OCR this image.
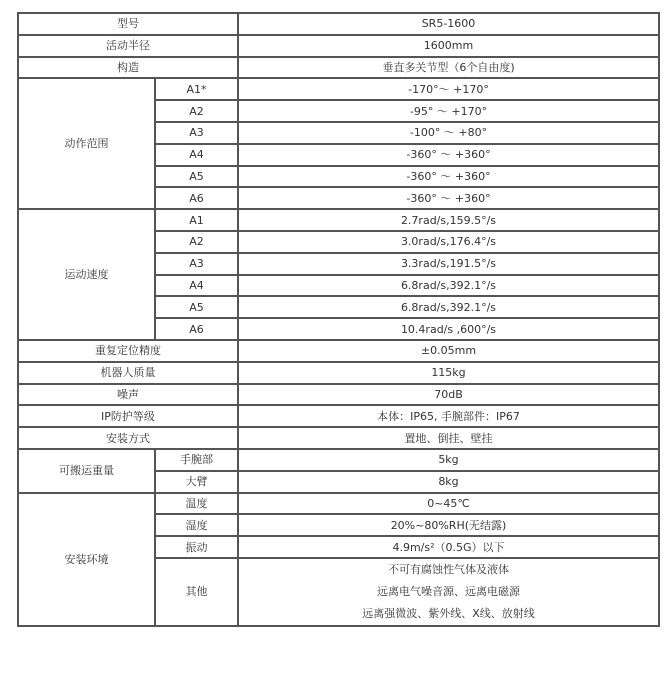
型号		SR5-1600
活动半径		1600mm
构造		垂直多关节型（6个自由度)
动作范围	A1*	-170°～ +170°
	A2	-95° ～ +170°
	A3	-100° ～ +80°
	A4	-360° ～ +360°
	A5	-360° ～ +360°
	A6	-360° ～ +360°
运动速度	A1	2.7rad/s,159.5°/s
	A2	3.0rad/s,176.4°/s
	A3	3.3rad/s,191.5°/s
	A4	6.8rad/s,392.1°/s
	A5	6.8rad/s,392.1°/s
	A6	10.4rad/s ,600°/s
重复定位精度		±0.05mm
机器人质量		115kg
噪声		70dB
IP防护等级		本体：IP65, 手腕部件：IP67
安装方式		置地、倒挂、壁挂
可搬运重量	手腕部	5kg
	大臂	8kg
安装环境	温度	0~45℃
	湿度	20%~80%RH(无结露)
	振动	4.9m/s²（0.5G）以下
	其他	不可有腐蚀性气体及液体
远离电气噪音源、远离电磁源
远离强微波、紫外线、X线、放射线
